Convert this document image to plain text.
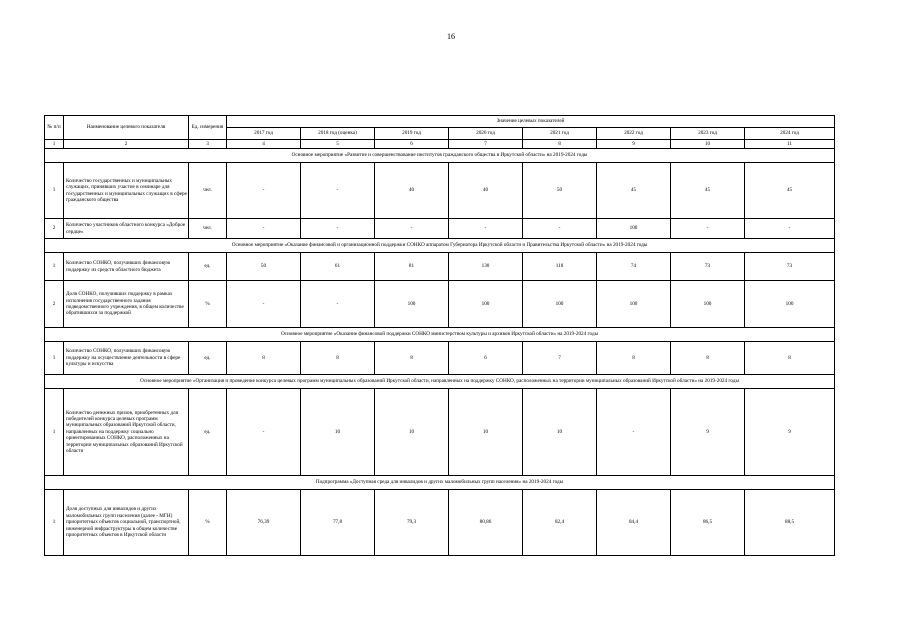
16
№ п/п	Наименование целевого показателя	Ед. измерения	Значение целевых показателей							
			2017 год	2018 год (оценка)	2019 год	2020 год	2021 год	2022 год	2023 год	2024 год
1	2	3	4	5	6	7	8	9	10	11
Основное мероприятие «Развитие и совершенствование институтов гражданского общества в Иркутской области» на 2019-2024 годы										
1	Количество государственных и муниципальных служащих, принявших участие в семинаре для государственных и муниципальных служащих в сфере гражданского общества	чел.	-	-	40	40	50	45	45	45
2	Количество участников областного конкурса «Доброе сердце»	чел.	-	-	-	-	-	100	-	-
Основное мероприятие «Оказание финансовой и организационной поддержки СОНКО аппаратом Губернатора Иркутской области и Правительства Иркутской области» на 2019-2024 годы										
1	Количество СОНКО, получивших финансовую поддержку из средств областного бюджета	ед.	50	61	81	130	118	74	73	73
2	Доля СОНКО, получивших поддержку в рамках исполнения государственного задания подведомственного учреждения, в общем количестве обратившихся за поддержкой	%	-	-	100	100	100	100	100	100
Основное мероприятие «Оказание финансовой поддержки СОНКО министерством культуры и архивов Иркутской области» на 2019-2024 годы										
1	Количество СОНКО, получивших финансовую поддержку на осуществление деятельности в сфере культуры и искусства	ед.	8	8	8	6	7	8	8	8
Основное мероприятие «Организация и проведение конкурса целевых программ муниципальных образований Иркутской области, направленных на поддержку СОНКО, расположенных на территории муниципальных образований Иркутской области» на 2019-2024 годы										
1	Количество денежных призов, приобретенных для победителей конкурса целевых программ муниципальных образований Иркутской области, направленных на поддержку социально ориентированных СОНКО, расположенных на территории муниципальных образований Иркутской области	ед.	-	10	10	10	10	-	9	9
Подпрограмма «Доступная среда для инвалидов и других маломобильных групп населения» на 2019-2024 годы										
1	Доля доступных для инвалидов и других маломобильных групп населения (далее - МГН) приоритетных объектов социальной, транспортной, инженерной инфраструктуры в общем количестве приоритетных объектов в Иркутской области	%	76,39	77,8	79,3	80,86	82,4	84,4	86,5	88,5
